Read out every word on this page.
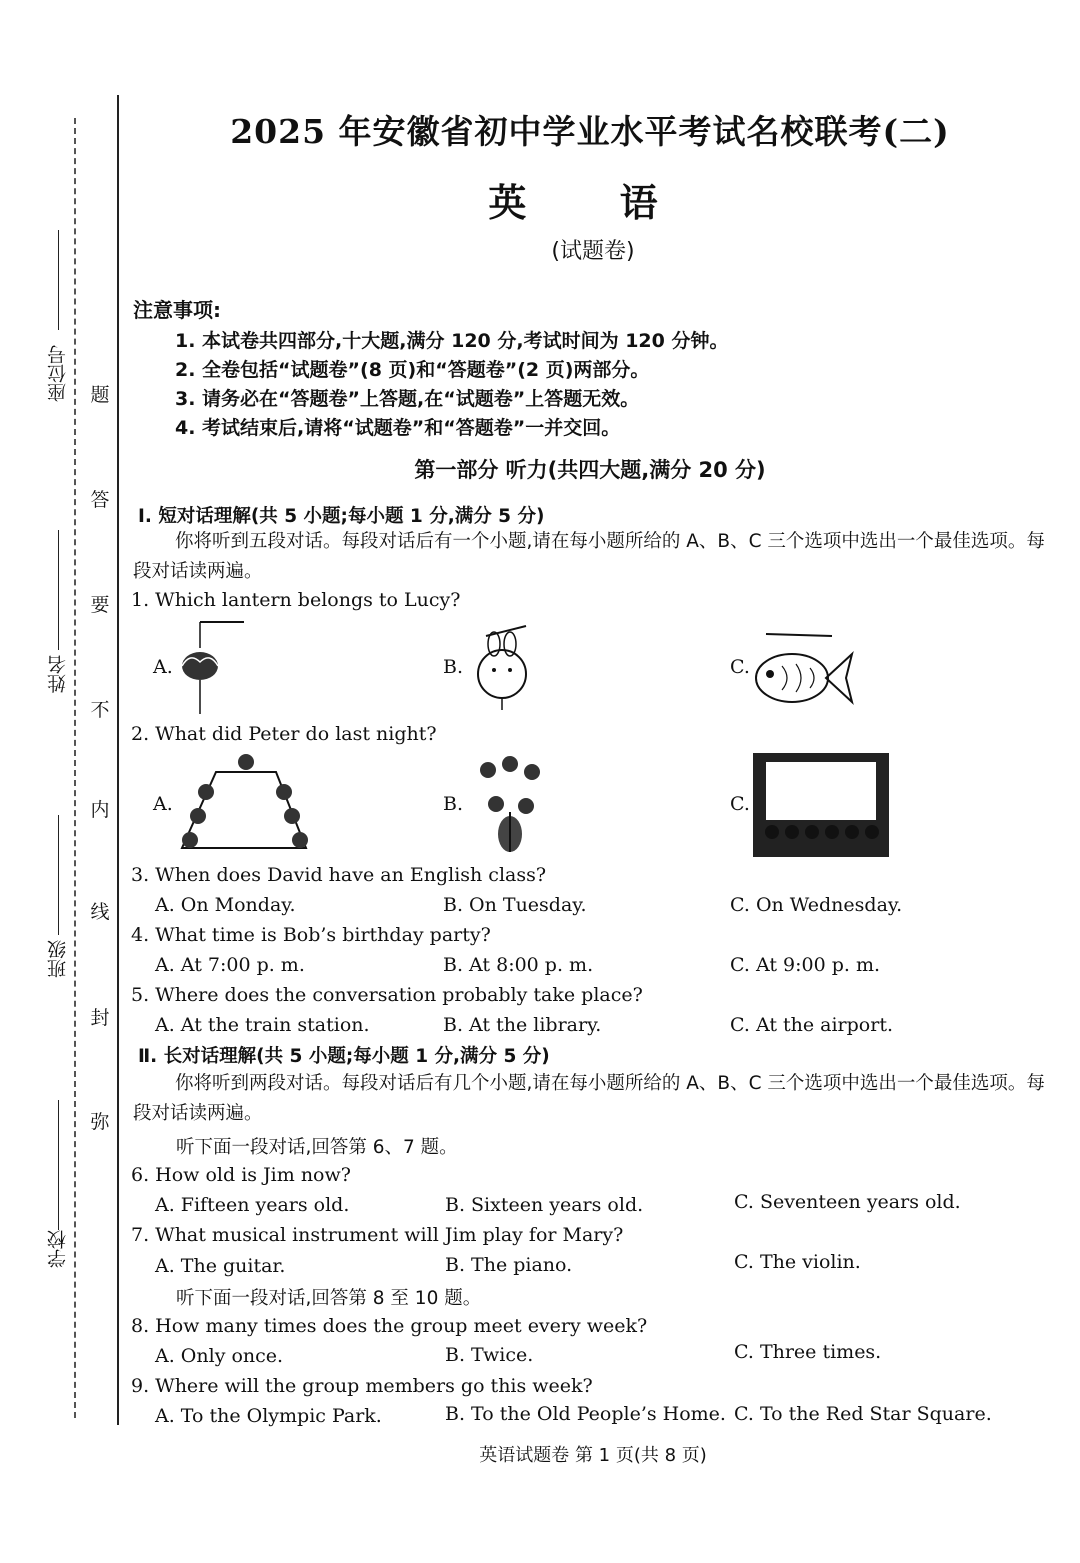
座位号
姓名
班级
学校
题
答
要
不
内
线
封
弥
2025 年安徽省初中学业水平考试名校联考(二)
英 语
(试题卷)
注意事项:
1. 本试卷共四部分,十大题,满分 120 分,考试时间为 120 分钟。
2. 全卷包括“试题卷”(8 页)和“答题卷”(2 页)两部分。
3. 请务必在“答题卷”上答题,在“试题卷”上答题无效。
4. 考试结束后,请将“试题卷”和“答题卷”一并交回。
第一部分 听力(共四大题,满分 20 分)
Ⅰ. 短对话理解(共 5 小题;每小题 1 分,满分 5 分)
你将听到五段对话。每段对话后有一个小题,请在每小题所给的 A、B、C 三个选项中选出一个最佳选项。每段对话读两遍。
1. Which lantern belongs to Lucy?
A.	B.	C.
2. What did Peter do last night?
A.	B.	C.
3. When does David have an English class?
A. On Monday.	B. On Tuesday.	C. On Wednesday.
4. What time is Bob’s birthday party?
A. At 7:00 p. m.	B. At 8:00 p. m.	C. At 9:00 p. m.
5. Where does the conversation probably take place?
A. At the train station.	B. At the library.	C. At the airport.
Ⅱ. 长对话理解(共 5 小题;每小题 1 分,满分 5 分)
你将听到两段对话。每段对话后有几个小题,请在每小题所给的 A、B、C 三个选项中选出一个最佳选项。每段对话读两遍。
听下面一段对话,回答第 6、7 题。
6. How old is Jim now?
A. Fifteen years old.	B. Sixteen years old.	C. Seventeen years old.
7. What musical instrument will Jim play for Mary?
A. The guitar.	B. The piano.	C. The violin.
听下面一段对话,回答第 8 至 10 题。
8. How many times does the group meet every week?
A. Only once.	B. Twice.	C. Three times.
9. Where will the group members go this week?
A. To the Olympic Park.	B. To the Old People’s Home. C. To the Red Star Square.
英语试题卷 第 1 页(共 8 页)
